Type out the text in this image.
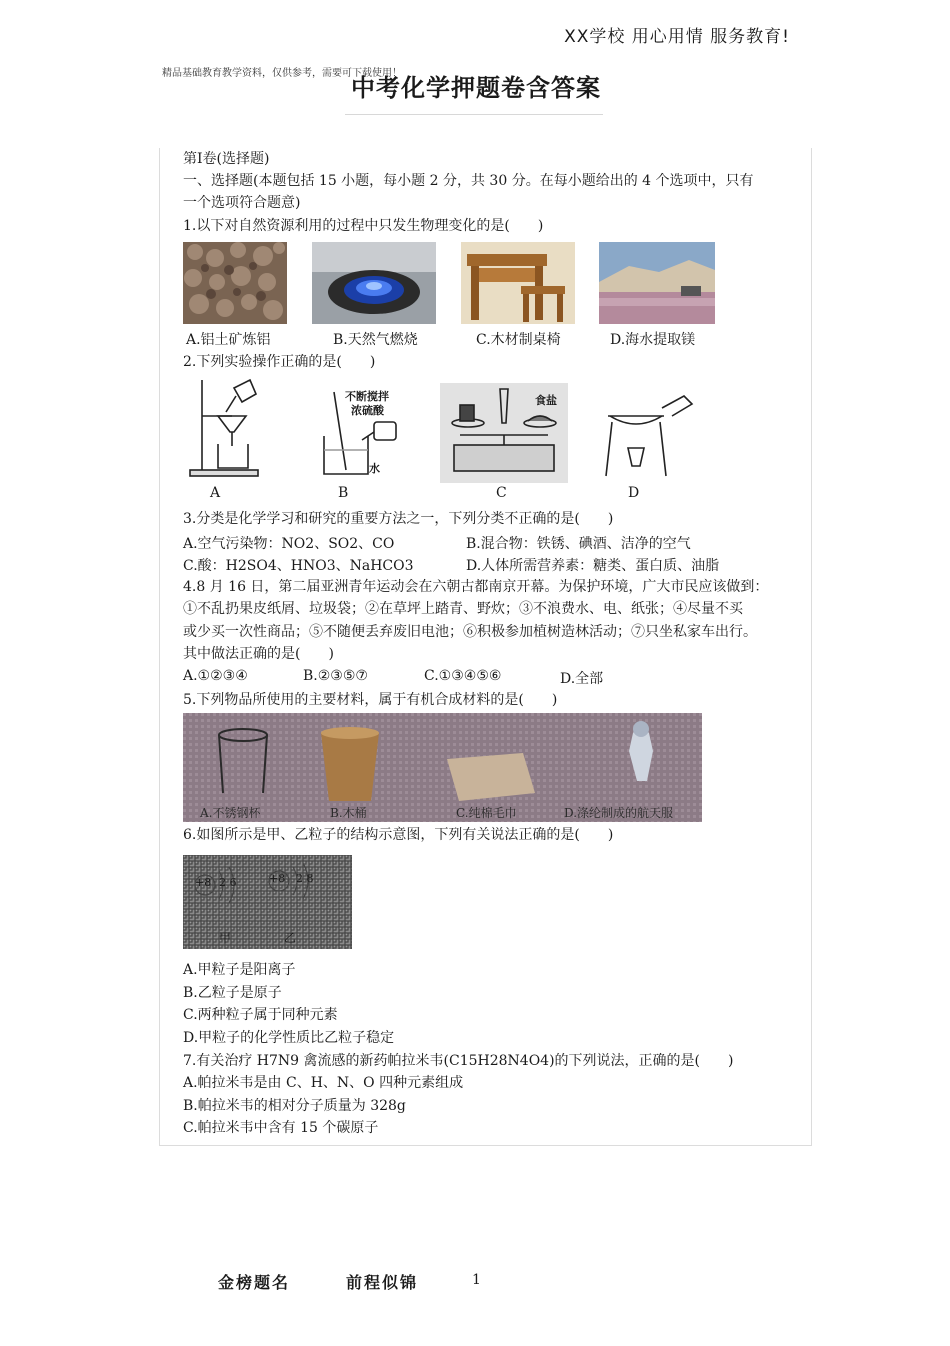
XX学校 用心用情 服务教育!
精品基础教育教学资料，仅供参考，需要可下载使用！
中考化学押题卷含答案
第Ⅰ卷(选择题)
一、选择题(本题包括 15 小题，每小题 2 分，共 30 分。在每小题给出的 4 个选项中，只有
一个选项符合题意)
1.以下对自然资源利用的过程中只发生物理变化的是(　　)
A.铝土矿炼铝	B.天然气燃烧	C.木材制桌椅	D.海水提取镁
2.下列实验操作正确的是(　　)
不断搅拌
浓硫酸
水
食盐
A	B	C	D
3.分类是化学学习和研究的重要方法之一，下列分类不正确的是(　　)
A.空气污染物：NO2、SO2、CO	B.混合物：铁锈、碘酒、洁净的空气
C.酸：H2SO4、HNO3、NaHCO3	D.人体所需营养素：糖类、蛋白质、油脂
4.8 月 16 日，第二届亚洲青年运动会在六朝古都南京开幕。为保护环境，广大市民应该做到：
①不乱扔果皮纸屑、垃圾袋；②在草坪上踏青、野炊；③不浪费水、电、纸张；④尽量不买
或少买一次性商品；⑤不随便丢弃废旧电池；⑥积极参加植树造林活动；⑦只坐私家车出行。
其中做法正确的是(　　)
A.①②③④	B.②③⑤⑦	C.①③④⑤⑥	D.全部
5.下列物品所使用的主要材料，属于有机合成材料的是(　　)
A.不锈钢杯	B.木桶	C.纯棉毛巾	D.涤纶制成的航天服
6.如图所示是甲、乙粒子的结构示意图，下列有关说法正确的是(　　)
+8 2 6	+8 2 8
甲	乙
A.甲粒子是阳离子
B.乙粒子是原子
C.两种粒子属于同种元素
D.甲粒子的化学性质比乙粒子稳定
7.有关治疗 H7N9 禽流感的新药帕拉米韦(C15H28N4O4)的下列说法，正确的是(　　)
A.帕拉米韦是由 C、H、N、O 四种元素组成
B.帕拉米韦的相对分子质量为 328g
C.帕拉米韦中含有 15 个碳原子
金榜题名	前程似锦	1
